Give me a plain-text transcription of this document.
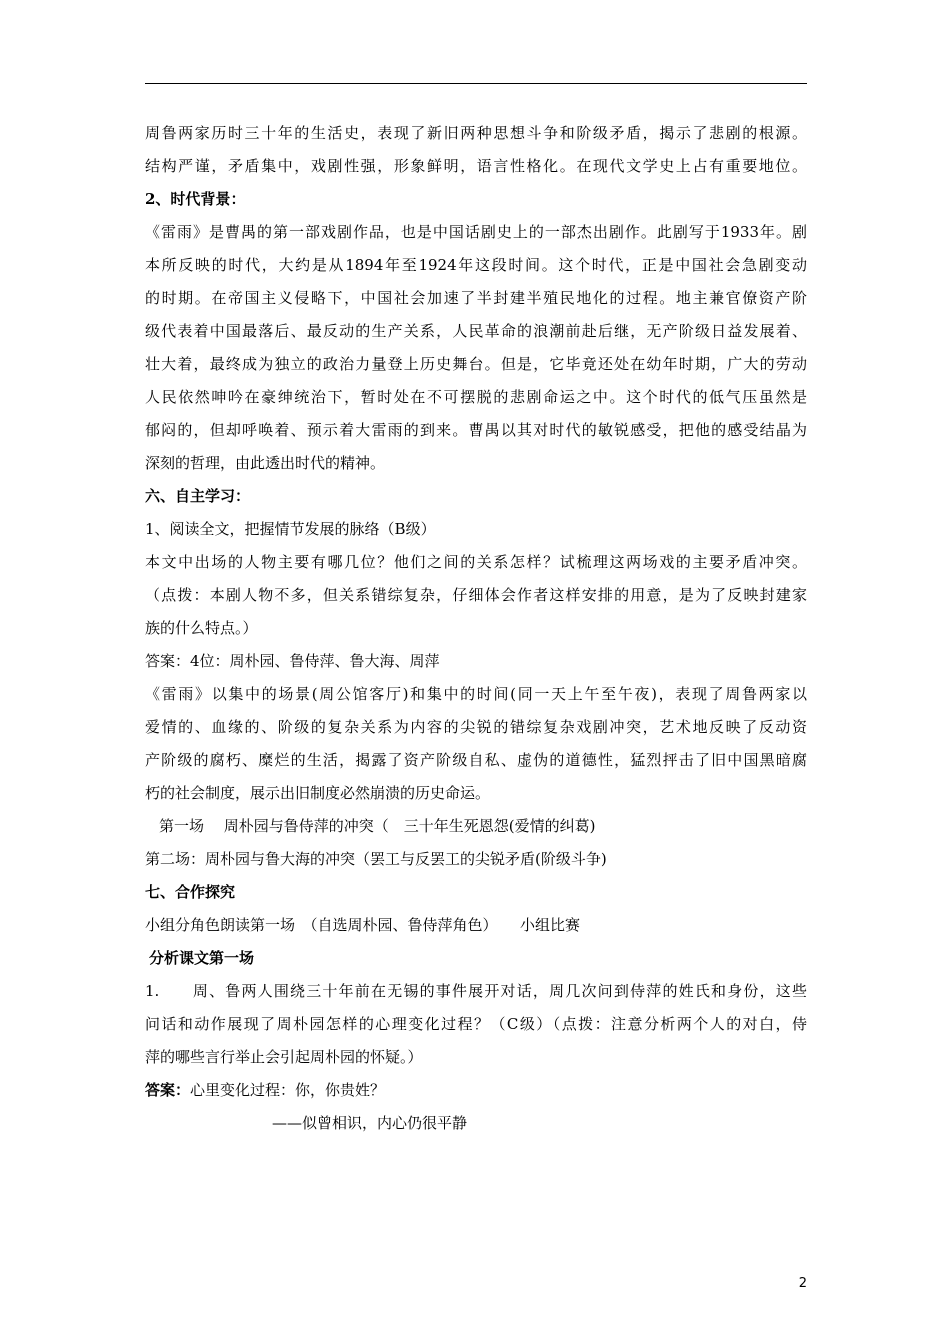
周鲁两家历时三十年的生活史，表现了新旧两种思想斗争和阶级矛盾，揭示了悲剧的根源。
结构严谨，矛盾集中，戏剧性强，形象鲜明，语言性格化。在现代文学史上占有重要地位。
2、时代背景：
《雷雨》是曹禺的第一部戏剧作品，也是中国话剧史上的一部杰出剧作。此剧写于1933年。剧
本所反映的时代，大约是从1894年至1924年这段时间。这个时代，正是中国社会急剧变动
的时期。在帝国主义侵略下，中国社会加速了半封建半殖民地化的过程。地主兼官僚资产阶
级代表着中国最落后、最反动的生产关系，人民革命的浪潮前赴后继，无产阶级日益发展着、
壮大着，最终成为独立的政治力量登上历史舞台。但是，它毕竟还处在幼年时期，广大的劳动
人民依然呻吟在豪绅统治下，暂时处在不可摆脱的悲剧命运之中。这个时代的低气压虽然是
郁闷的，但却呼唤着、预示着大雷雨的到来。曹禺以其对时代的敏锐感受，把他的感受结晶为
深刻的哲理，由此透出时代的精神。
六、自主学习：
1、阅读全文，把握情节发展的脉络（B级）
本文中出场的人物主要有哪几位？他们之间的关系怎样？试梳理这两场戏的主要矛盾冲突。
（点拨：本剧人物不多，但关系错综复杂，仔细体会作者这样安排的用意，是为了反映封建家
族的什么特点。）
答案：4位：周朴园、鲁侍萍、鲁大海、周萍
《雷雨》以集中的场景(周公馆客厅)和集中的时间(同一天上午至午夜)，表现了周鲁两家以
爱情的、血缘的、阶级的复杂关系为内容的尖锐的错综复杂戏剧冲突，艺术地反映了反动资
产阶级的腐朽、糜烂的生活，揭露了资产阶级自私、虚伪的道德性，猛烈抨击了旧中国黑暗腐
朽的社会制度，展示出旧制度必然崩溃的历史命运。
第一场　 周朴园与鲁侍萍的冲突（　三十年生死恩怨(爱情的纠葛)
第二场：周朴园与鲁大海的冲突（罢工与反罢工的尖锐矛盾(阶级斗争)
七、合作探究
小组分角色朗读第一场　（自选周朴园、鲁侍萍角色）　　小组比赛
分析课文第一场
1.　　周、鲁两人围绕三十年前在无锡的事件展开对话，周几次问到侍萍的姓氏和身份，这些
问话和动作展现了周朴园怎样的心理变化过程？（C级）（点拨：注意分析两个人的对白，侍
萍的哪些言行举止会引起周朴园的怀疑。）
答案：心里变化过程：你，你贵姓？
——似曾相识，内心仍很平静
2
